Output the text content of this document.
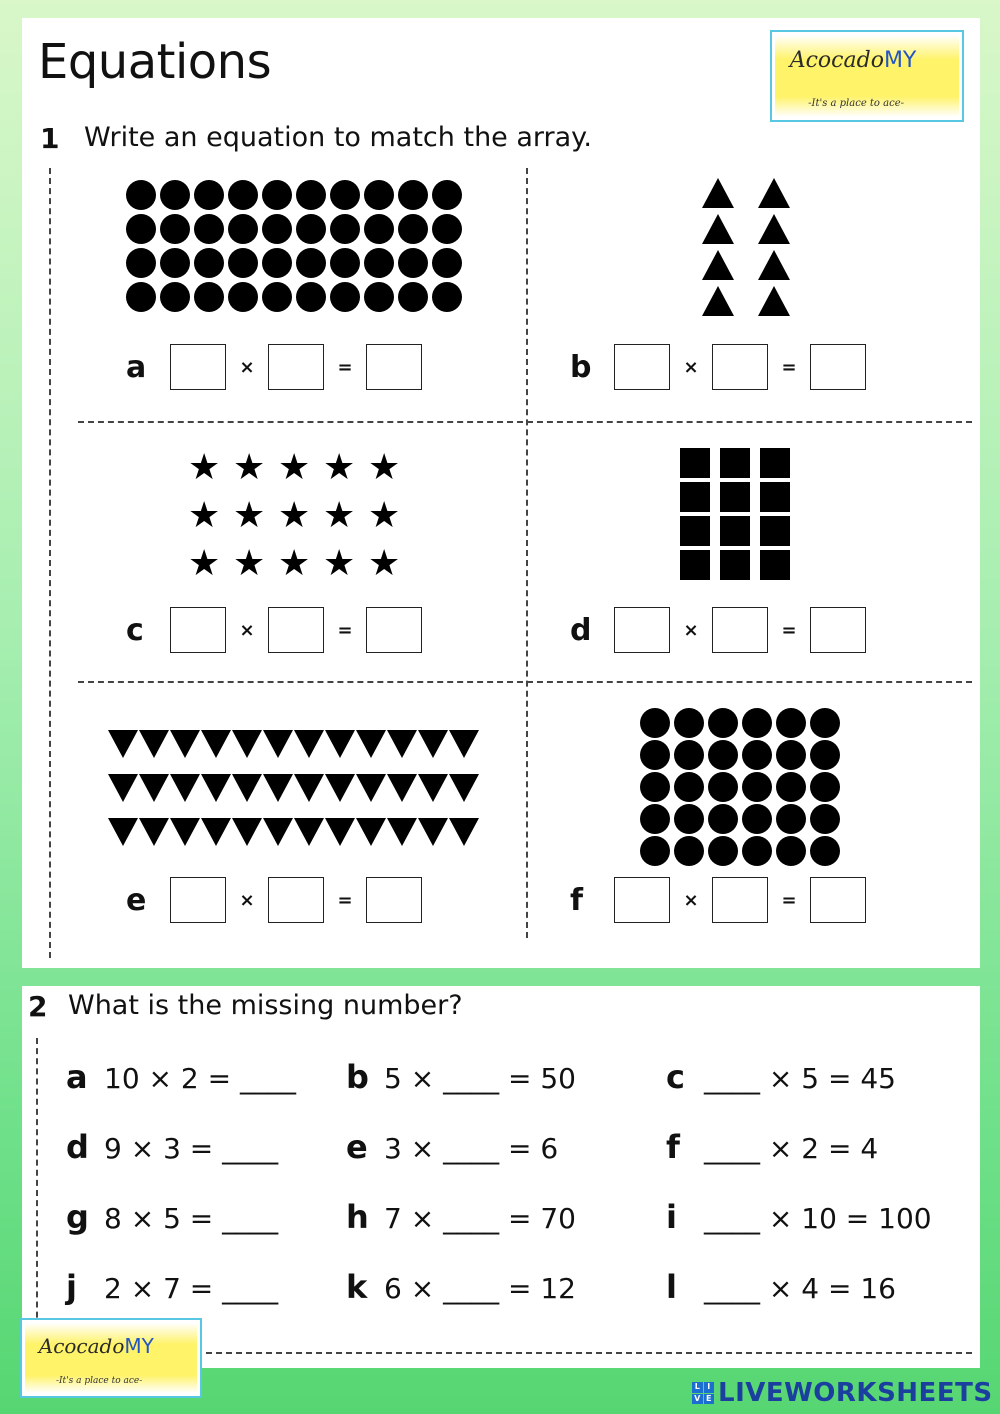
Equations	AcocadoMY
-It's a place to ace-
1 Write an equation to match the array.
★ ★ ★ ★ ★
★ ★ ★ ★ ★
★ ★ ★ ★ ★
a	×	=	b	×	=
c	×	=	d	×	=
e	×	=	f	×	=
2 What is the missing number?
a 10 × 2 = ____ b 5 × ____ = 50	c ____ × 5 = 45
d 9 × 3 = ____ e 3 × ____ = 6	f ____ × 2 = 4
g 8 × 5 = ____ h 7 × ____ = 70	i ____ × 10 = 100
j 2 × 7 = ____ k 6 × ____ = 12	l ____ × 4 = 16
AcocadoMY
-It's a place to ace-
L I
V E LIVEWORKSHEETS
